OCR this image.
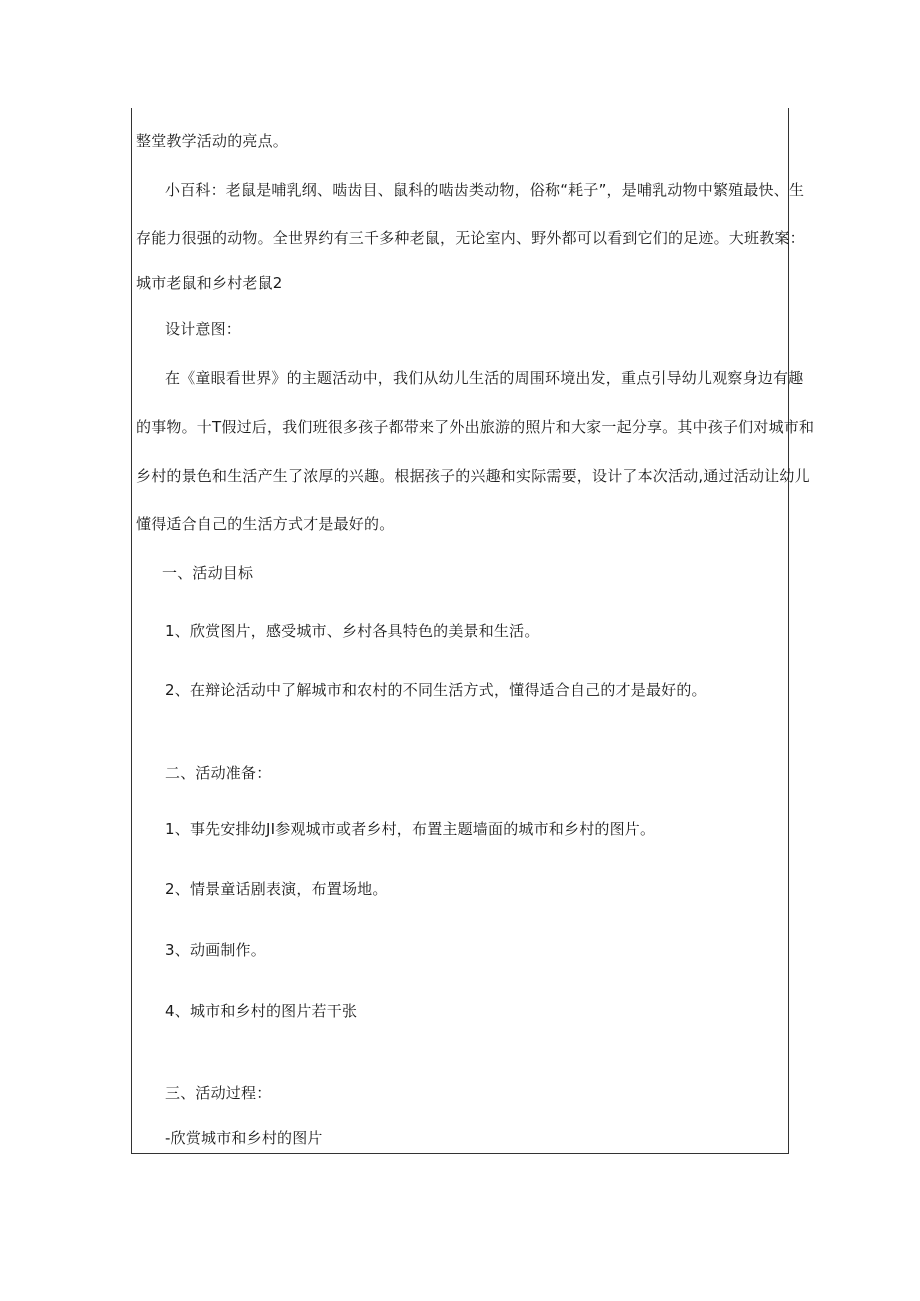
整堂教学活动的亮点。
小百科：老鼠是哺乳纲、啮齿目、鼠科的啮齿类动物，俗称“耗子”，是哺乳动物中繁殖最快、生
存能力很强的动物。全世界约有三千多种老鼠，无论室内、野外都可以看到它们的足迹。大班教案：
城市老鼠和乡村老鼠2
设计意图：
在《童眼看世界》的主题活动中，我们从幼儿生活的周围环境出发，重点引导幼儿观察身边有趣
的事物。十T假过后，我们班很多孩子都带来了外出旅游的照片和大家一起分享。其中孩子们对城市和
乡村的景色和生活产生了浓厚的兴趣。根据孩子的兴趣和实际需要，设计了本次活动,通过活动让幼儿
懂得适合自己的生活方式才是最好的。
一、活动目标
1、欣赏图片，感受城市、乡村各具特色的美景和生活。
2、在辩论活动中了解城市和农村的不同生活方式，懂得适合自己的才是最好的。
二、活动准备：
1、事先安排幼JI参观城市或者乡村，布置主题墙面的城市和乡村的图片。
2、情景童话剧表演，布置场地。
3、动画制作。
4、城市和乡村的图片若干张
三、活动过程：
-欣赏城市和乡村的图片
